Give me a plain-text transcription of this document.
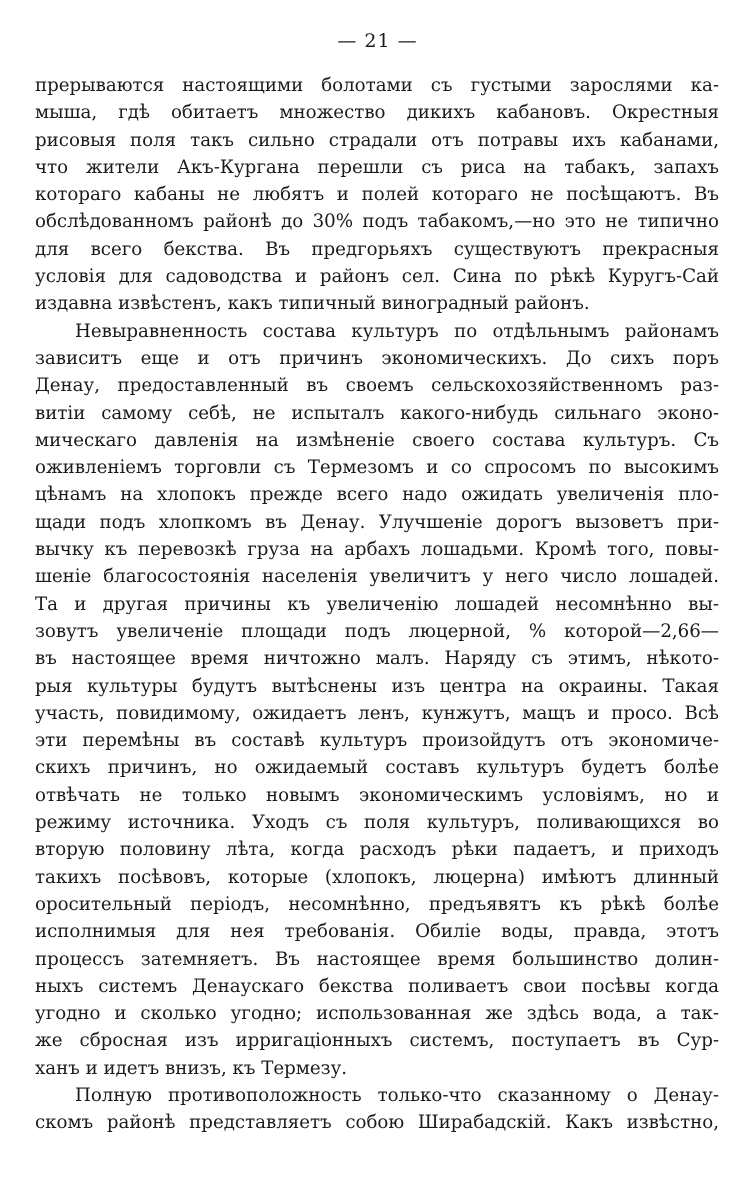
— 21 —
прерываются настоящими болотами съ густыми зарослями ка-
мыша, гдѣ обитаетъ множество дикихъ кабановъ. Окрестныя
рисовыя поля такъ сильно страдали отъ потравы ихъ кабанами,
что жители Акъ-Кургана перешли съ риса на табакъ, запахъ
котораго кабаны не любятъ и полей котораго не посѣщаютъ. Въ
обслѣдованномъ районѣ до 30% подъ табакомъ,—но это не типично
для всего бекства. Въ предгорьяхъ существуютъ прекрасныя
условія для садоводства и районъ сел. Сина по рѣкѣ Куругъ-Сай
издавна извѣстенъ, какъ типичный виноградный районъ.
Невыравненность состава культуръ по отдѣльнымъ районамъ
зависитъ еще и отъ причинъ экономическихъ. До сихъ поръ
Денау, предоставленный въ своемъ сельскохозяйственномъ раз-
витіи самому себѣ, не испыталъ какого-нибудь сильнаго эконо-
мическаго давленія на измѣненіе своего состава культуръ. Съ
оживленіемъ торговли съ Термезомъ и со спросомъ по высокимъ
цѣнамъ на хлопокъ прежде всего надо ожидать увеличенія пло-
щади подъ хлопкомъ въ Денау. Улучшеніе дорогъ вызоветъ при-
вычку къ перевозкѣ груза на арбахъ лошадьми. Кромѣ того, повы-
шеніе благосостоянія населенія увеличитъ у него число лошадей.
Та и другая причины къ увеличенію лошадей несомнѣнно вы-
зовутъ увеличеніе площади подъ люцерной, % которой—2,66—
въ настоящее время ничтожно малъ. Наряду съ этимъ, нѣкото-
рыя культуры будутъ вытѣснены изъ центра на окраины. Такая
участь, повидимому, ожидаетъ ленъ, кунжутъ, мащъ и просо. Всѣ
эти перемѣны въ составѣ культуръ произойдутъ отъ экономиче-
скихъ причинъ, но ожидаемый составъ культуръ будетъ болѣе
отвѣчать не только новымъ экономическимъ условіямъ, но и
режиму источника. Уходъ съ поля культуръ, поливающихся во
вторую половину лѣта, когда расходъ рѣки падаетъ, и приходъ
такихъ посѣвовъ, которые (хлопокъ, люцерна) имѣютъ длинный
оросительный періодъ, несомнѣнно, предъявятъ къ рѣкѣ болѣе
исполнимыя для нея требованія. Обиліе воды, правда, этотъ
процессъ затемняетъ. Въ настоящее время большинство долин-
ныхъ системъ Денаускаго бекства поливаетъ свои посѣвы когда
угодно и сколько угодно; использованная же здѣсь вода, а так-
же сбросная изъ ирригаціонныхъ системъ, поступаетъ въ Сур-
ханъ и идетъ внизъ, къ Термезу.
Полную противоположность только-что сказанному о Денау-
скомъ районѣ представляетъ собою Ширабадскій. Какъ извѣстно,
